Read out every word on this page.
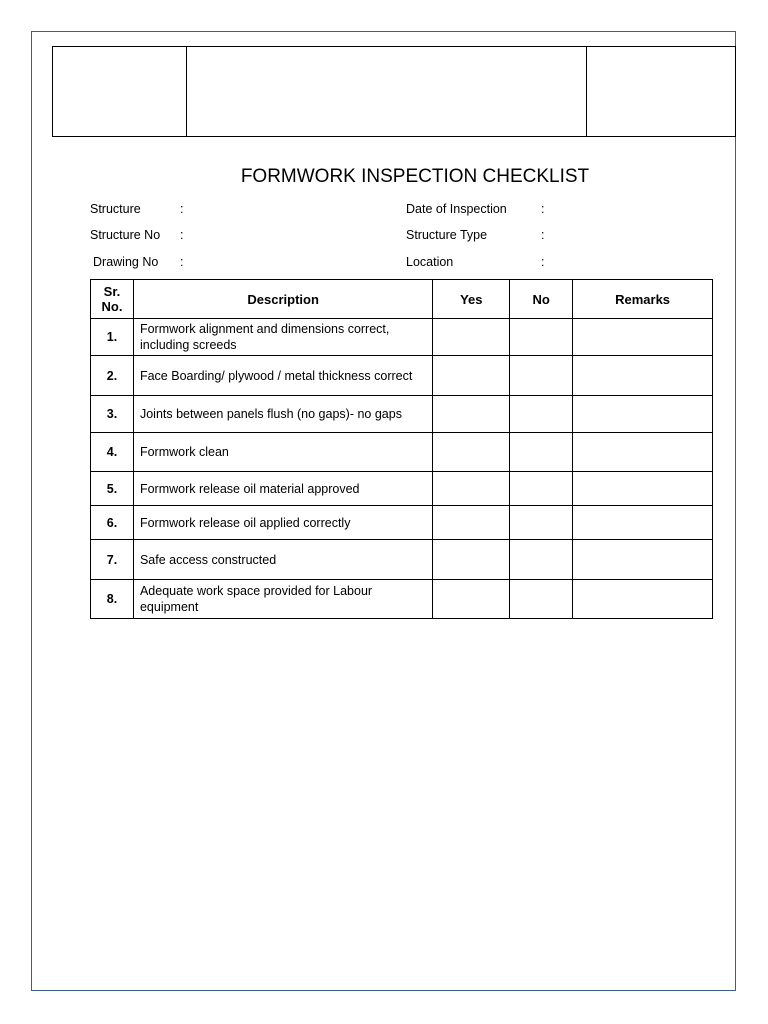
FORMWORK INSPECTION CHECKLIST
Structure	:
Structure No :
Drawing No :
Date of Inspection	:
Structure Type	:
Location	:
Sr. No.	Description	Yes	No	Remarks
1.	Formwork alignment and dimensions correct, including screeds			
2.	Face Boarding/ plywood / metal thickness correct			
3.	Joints between panels flush (no gaps)- no gaps			
4.	Formwork clean			
5.	Formwork release oil material approved			
6.	Formwork release oil applied correctly			
7.	Safe access constructed			
8.	Adequate work space provided for Labour equipment			
